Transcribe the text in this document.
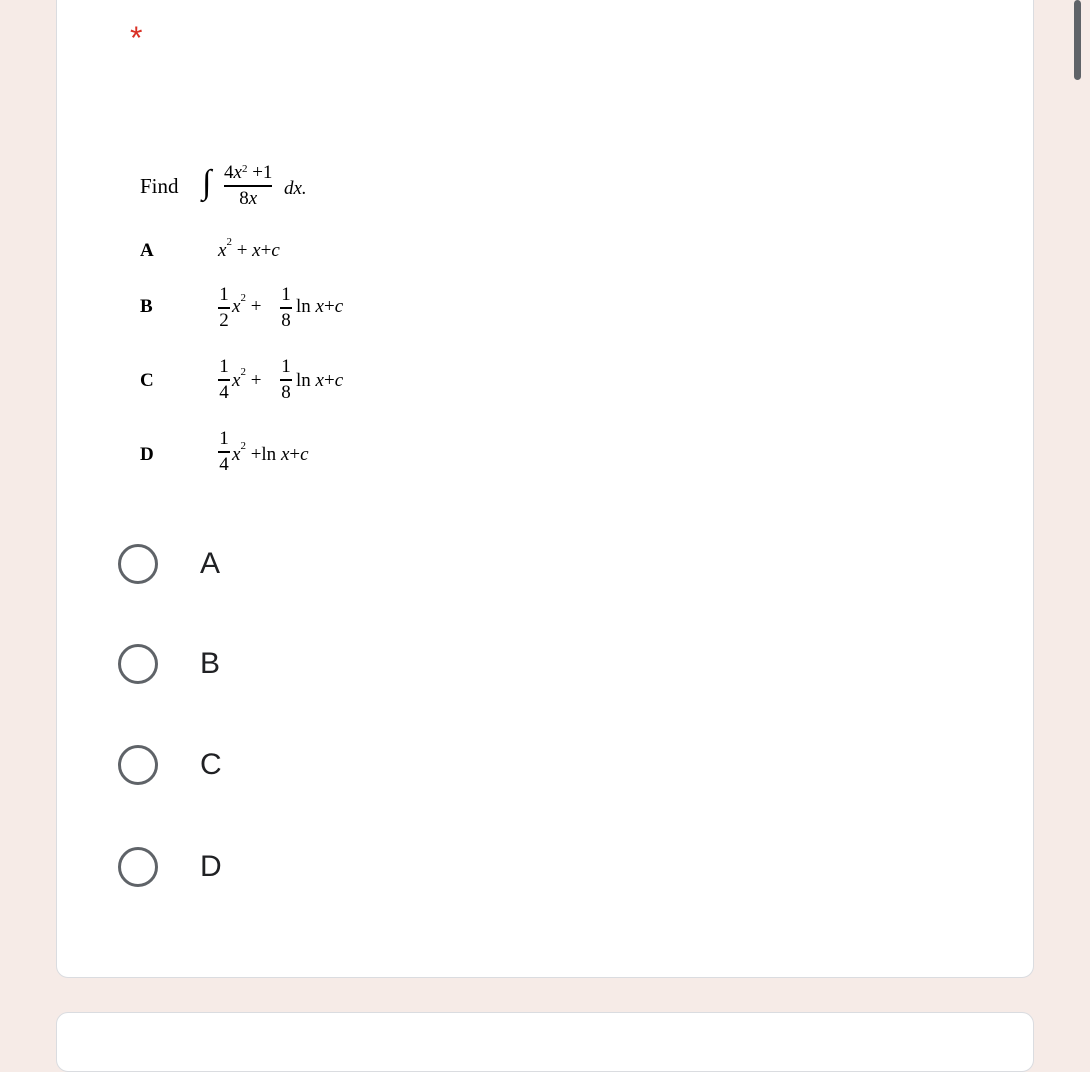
*
Find ∫ $4x^2 +1$
8x dx.
A	$x^2 + x+c$
B
1
2
$x^2$ +
1
8
ln x+c
C
1
4
$x^2$ +
1
8
ln x+c
D
1
4 $x^2 +\ln$ x+c
A
B
C
D
